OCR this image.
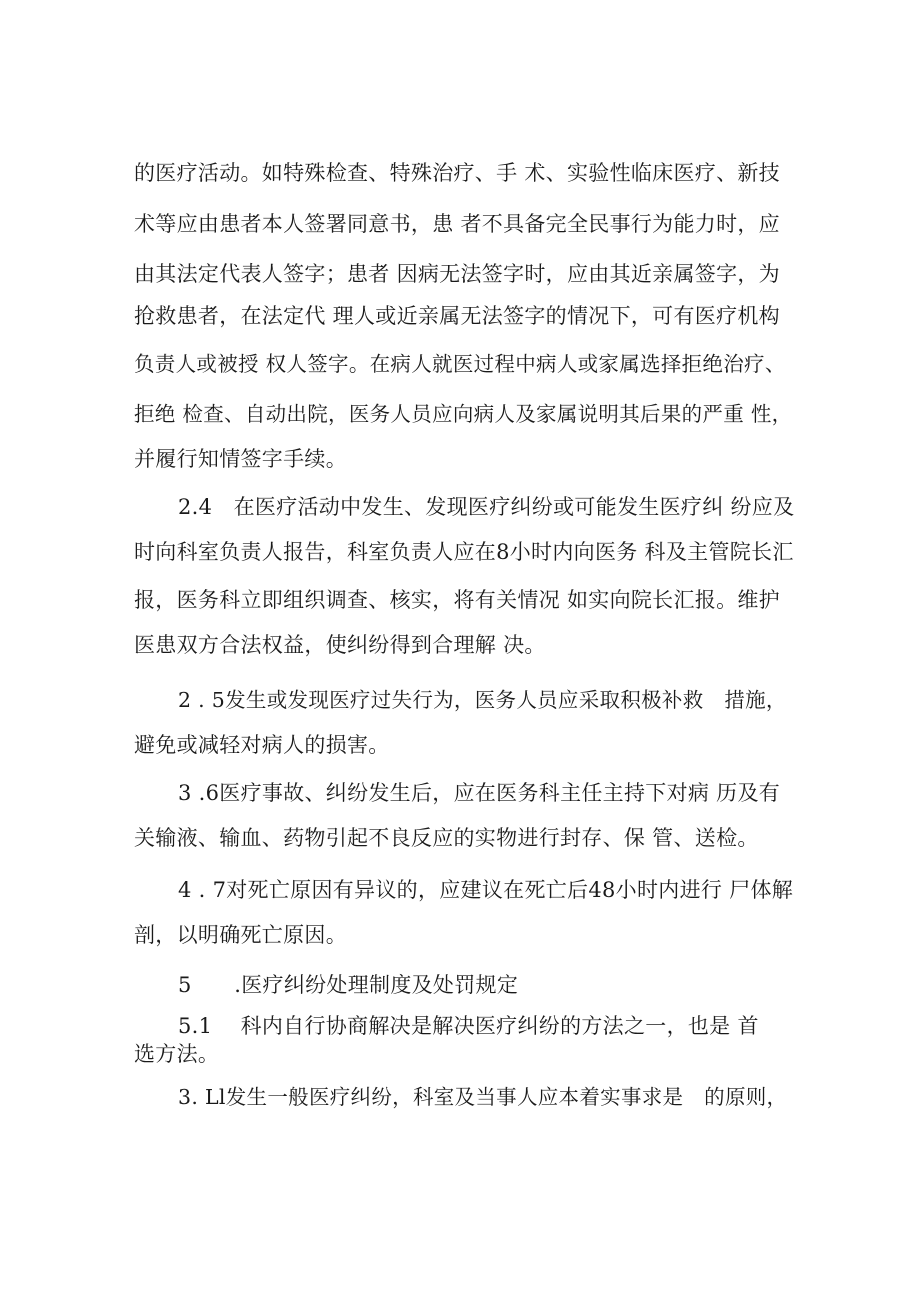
的医疗活动。如特殊检查、特殊治疗、手 术、实验性临床医疗、新技

术等应由患者本人签署同意书，患 者不具备完全民事行为能力时，应

由其法定代表人签字；患者 因病无法签字时，应由其近亲属签字，为

抢救患者，在法定代 理人或近亲属无法签字的情况下，可有医疗机构

负责人或被授 权人签字。在病人就医过程中病人或家属选择拒绝治疗、

拒绝 检查、自动出院，医务人员应向病人及家属说明其后果的严重 性，

并履行知情签字手续。

2.4　在医疗活动中发生、发现医疗纠纷或可能发生医疗纠 纷应及

时向科室负责人报告，科室负责人应在8小时内向医务 科及主管院长汇

报，医务科立即组织调查、核实，将有关情况 如实向院长汇报。维护

医患双方合法权益，使纠纷得到合理解 决。

2 . 5发生或发现医疗过失行为，医务人员应采取积极补救　措施，

避免或减轻对病人的损害。

3 .6医疗事故、纠纷发生后，应在医务科主任主持下对病 历及有

关输液、输血、药物引起不良反应的实物进行封存、保 管、送检。

4 . 7对死亡原因有异议的，应建议在死亡后48小时内进行 尸体解

剖，以明确死亡原因。

5　　.医疗纠纷处理制度及处罚规定

5.1　 科内自行协商解决是解决医疗纠纷的方法之一，也是 首

选方法。

3. Ll发生一般医疗纠纷，科室及当事人应本着实事求是　的原则，
